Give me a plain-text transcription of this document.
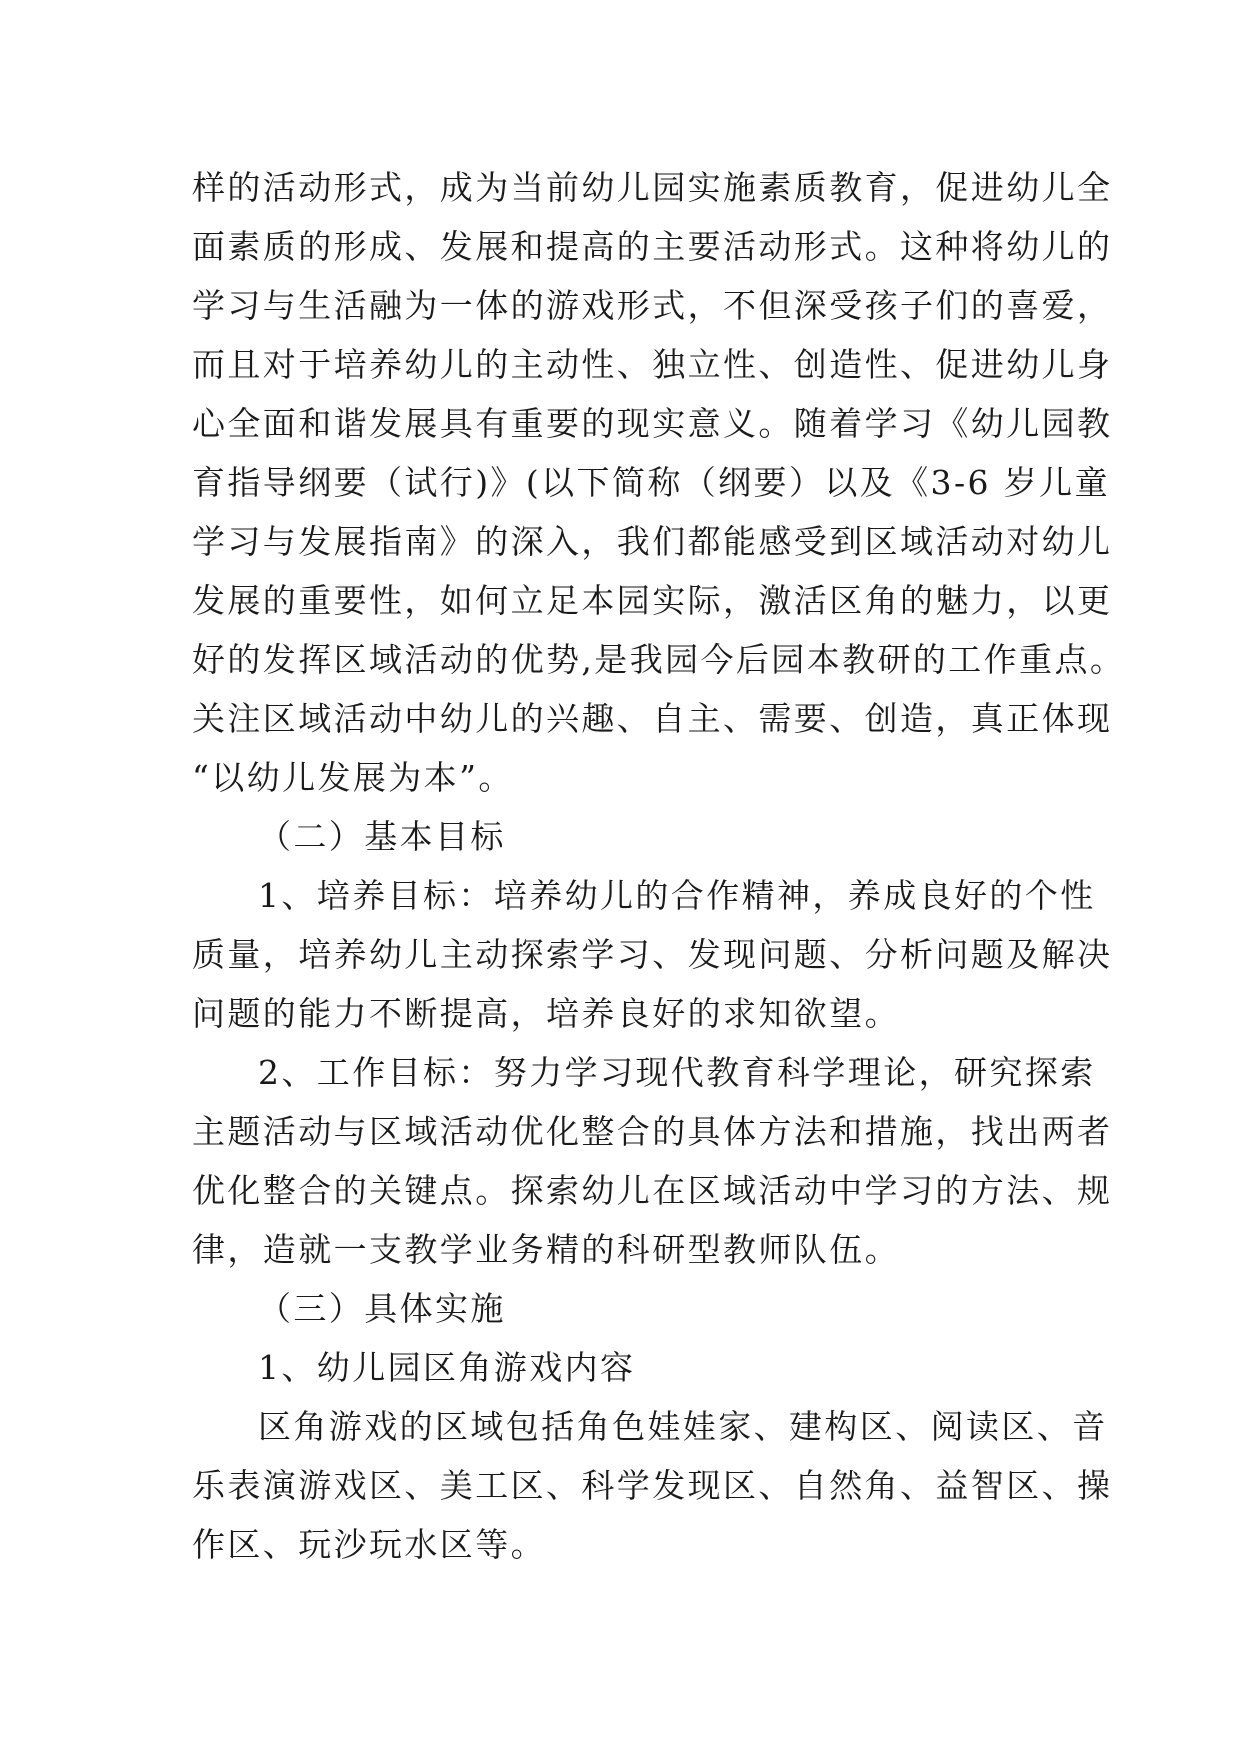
样的活动形式，成为当前幼儿园实施素质教育，促进幼儿全
面素质的形成、发展和提高的主要活动形式。这种将幼儿的
学习与生活融为一体的游戏形式，不但深受孩子们的喜爱，
而且对于培养幼儿的主动性、独立性、创造性、促进幼儿身
心全面和谐发展具有重要的现实意义。随着学习《幼儿园教
育指导纲要（试行)》(以下简称（纲要）以及《3-6 岁儿童
学习与发展指南》的深入，我们都能感受到区域活动对幼儿
发展的重要性，如何立足本园实际，激活区角的魅力，以更
好的发挥区域活动的优势,是我园今后园本教研的工作重点。
关注区域活动中幼儿的兴趣、自主、需要、创造，真正体现
“以幼儿发展为本”。
（二）基本目标
1、培养目标：培养幼儿的合作精神，养成良好的个性
质量，培养幼儿主动探索学习、发现问题、分析问题及解决
问题的能力不断提高，培养良好的求知欲望。
2、工作目标：努力学习现代教育科学理论，研究探索
主题活动与区域活动优化整合的具体方法和措施，找出两者
优化整合的关键点。探索幼儿在区域活动中学习的方法、规
律，造就一支教学业务精的科研型教师队伍。
（三）具体实施
1、幼儿园区角游戏内容
区角游戏的区域包括角色娃娃家、建构区、阅读区、音
乐表演游戏区、美工区、科学发现区、自然角、益智区、操
作区、玩沙玩水区等。
